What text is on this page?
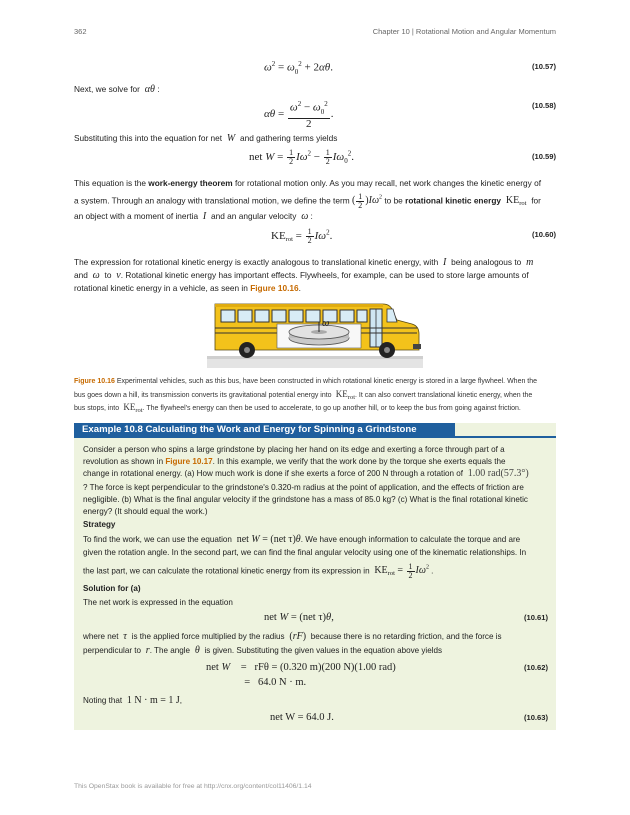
362	Chapter 10 | Rotational Motion and Angular Momentum
$\omega^2 = \omega_0^2 + 2\alpha\theta$.	(10.57)
Next, we solve for  αθ :
$\alpha\theta = \frac{\omega^2 - \omega_0^2}{2}$ .
(10.58)
Substituting this into the equation for net  W  and gathering terms yields
net $W = \frac{1}{2} I\omega^2 - \frac{1}{2} I\omega_0^2$.	(10.59)
This equation is the work-energy theorem for rotational motion only. As you may recall, net work changes the kinetic energy of
a system. Through an analogy with translational motion, we define the term ( $\frac{1}{2} )I\omega^2$ to be rotational kinetic energy  $KE_{rot}$ for
an object with a moment of inertia  I  and an angular velocity  ω :
$KE_{rot} = \frac{1}{2} I\omega^2$.	(10.60)
The expression for rotational kinetic energy is exactly analogous to translational kinetic energy, with  I  being analogous to  m
and  ω  to  v. Rotational kinetic energy has important effects. Flywheels, for example, can be used to store large amounts of
rotational kinetic energy in a vehicle, as seen in Figure 10.16.
ω
Figure 10.16 Experimental vehicles, such as this bus, have been constructed in which rotational kinetic energy is stored in a large flywheel. When the
bus goes down a hill, its transmission converts its gravitational potential energy into  $KE_{rot}$. It can also convert translational kinetic energy, when the
bus stops, into  $KE_{rot}$. The flywheel's energy can then be used to accelerate, to go up another hill, or to keep the bus from going against friction.
Example 10.8 Calculating the Work and Energy for Spinning a Grindstone
Consider a person who spins a large grindstone by placing her hand on its edge and exerting a force through part of a
revolution as shown in Figure 10.17. In this example, we verify that the work done by the torque she exerts equals the
change in rotational energy. (a) How much work is done if she exerts a force of 200 N through a rotation of 1.00 rad(57.3°)
? The force is kept perpendicular to the grindstone's 0.320-m radius at the point of application, and the effects of friction are
negligible. (b) What is the final angular velocity if the grindstone has a mass of 85.0 kg? (c) What is the final rotational kinetic
energy? (It should equal the work.)
Strategy
To find the work, we can use the equation  net W = (net τ)θ. We have enough information to calculate the torque and are
given the rotation angle. In the second part, we can find the final angular velocity using one of the kinematic relationships. In
the last part, we can calculate the rotational kinetic energy from its expression in  $KE_{rot} = \frac{1}{2} I\omega^2$ .
Solution for (a)
The net work is expressed in the equation
net W = (net τ)θ,	(10.61)
where net  τ  is the applied force multiplied by the radius  (rF)  because there is no retarding friction, and the force is
perpendicular to  r. The angle  θ  is given. Substituting the given values in the equation above yields
net W    =   rFθ = (0.320 m)(200 N)(1.00 rad)
=   64.0 N · m.
(10.62)
Noting that 1 N · m = 1 J,
net W = 64.0 J.	(10.63)
This OpenStax book is available for free at http://cnx.org/content/col11406/1.14
